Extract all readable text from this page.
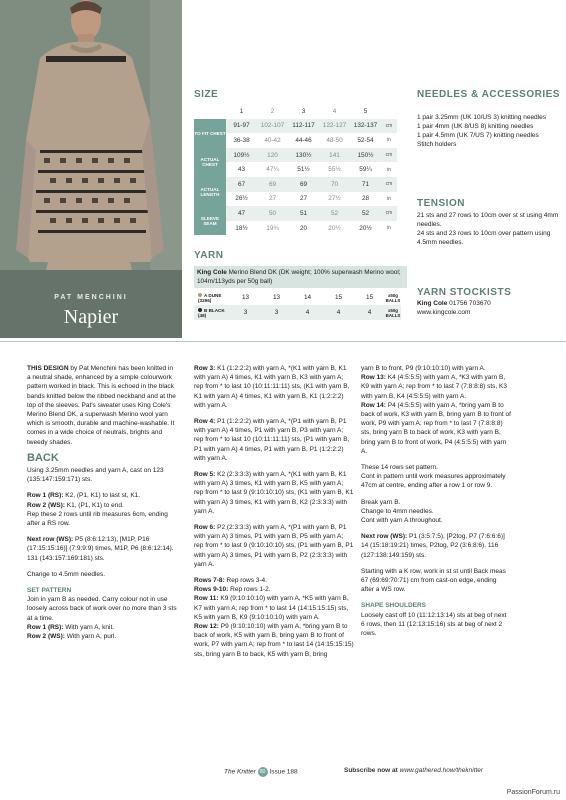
PAT MENCHINI
Napier
SIZE
	1	2	3	4	5	
TO FIT CHEST	91-97	102-107	112-117	122-127	132-137	cm
	36-38	40-42	44-46	48-50	52-54	in
ACTUAL CHEST	109½	120	130½	141	150½	cm
	43	47¼	51½	55½	59¼	in
ACTUAL LENGTH	67	69	69	70	71	cm
	26½	27	27	27½	28	in
SLEEVE SEAM	47	50	51	52	52	cm
	18½	19¾	20	20½	20½	in
YARN
King Cole Merino Blend DK (DK weight; 100% superwash Merino wool; 104m/113yds per 50g ball)
A DUNE (3296)	13	13	14	15	15	x50g BALLS
B BLACK (48)	3	3	4	4	4	x50g BALLS
NEEDLES & ACCESSORIES
1 pair 3.25mm (UK 10/US 3) knitting needles
1 pair 4mm (UK 8/US 8) knitting needles
1 pair 4.5mm (UK 7/US 7) knitting needles
Stitch holders
TENSION
21 sts and 27 rows to 10cm over st st using 4mm needles.
24 sts and 23 rows to 10cm over pattern using 4.5mm needles.
YARN STOCKISTS
King Cole 01756 703670
www.kingcole.com

THIS DESIGN by Pat Menchini has been knitted in a neutral shade, enhanced by a simple colourwork pattern worked in black. This is echoed in the black bands knitted below the ribbed neckband and at the top of the sleeves. Pat's sweater uses King Cole's Merino Blend DK, a superwash Merino wool yarn which is smooth, durable and machine-washable. It comes in a wide choice of neutrals, brights and tweedy shades.

BACK

Using 3.25mm needles and yarn A, cast on 123 (135:147:159:171) sts.

Row 1 (RS): K2, (P1, K1) to last st, K1.
Row 2 (WS): K1, (P1, K1) to end.
Rep these 2 rows until rib measures 6cm, ending after a RS row.

Next row (WS): P5 (8:6:12:13), [M1P, P16 (17:15:15:16)] (7:9:9:9) times, M1P, P6 (8:6:12:14). 131 (143:157:169:181) sts.

Change to 4.5mm needles.

SET PATTERN

Join in yarn B as needed. Carry colour not in use loosely across back of work over no more than 3 sts at a time.
Row 1 (RS): With yarn A, knit.
Row 2 (WS): With yarn A, purl.

Row 3: K1 (1:2:2:2) with yarn A, *(K1 with yarn B, K1 with yarn A) 4 times, K1 with yarn B, K3 with yarn A; rep from * to last 10 (10:11:11:11) sts, (K1 with yarn B, K1 with yarn A) 4 times, K1 with yarn B, K1 (1:2:2:2) with yarn A.

Row 4: P1 (1:2:2:2) with yarn A, *(P1 with yarn B, P1 with yarn A) 4 times, P1 with yarn B, P3 with yarn A; rep from * to last 10 (10:11:11:11) sts, (P1 with yarn B, P1 with yarn A) 4 times, P1 with yarn B, P1 (1:2:2:2) with yarn A.

Row 5: K2 (2:3:3:3) with yarn A, *(K1 with yarn B, K1 with yarn A) 3 times, K1 with yarn B, K5 with yarn A; rep from * to last 9 (9:10:10:10) sts, (K1 with yarn B, K1 with yarn A) 3 times, K1 with yarn B, K2 (2:3:3:3) with yarn A.

Row 6: P2 (2:3:3:3) with yarn A, *(P1 with yarn B, P1 with yarn A) 3 times, P1 with yarn B, P5 with yarn A; rep from * to last 9 (9:10:10:10) sts, (P1 with yarn B, P1 with yarn A) 3 times, P1 with yarn B, P2 (2:3:3:3) with yarn A.

Rows 7-8: Rep rows 3-4.
Rows 9-10: Rep rows 1-2.
Row 11: K9 (9:10:10:10) with yarn A, *K5 with yarn B, K7 with yarn A; rep from * to last 14 (14:15:15:15) sts, K5 with yarn B, K9 (9:10:10:10) with yarn A.
Row 12: P9 (9:10:10:10) with yarn A, *bring yarn B to back of work, K5 with yarn B, bring yarn B to front of work, P7 with yarn A; rep from * to last 14 (14:15:15:15) sts, bring yarn B to back, K5 with yarn B, bring

yarn B to front, P9 (9:10:10:10) with yarn A.
Row 13: K4 (4:5:5:5) with yarn A, *K3 with yarn B, K9 with yarn A; rep from * to last 7 (7:8:8:8) sts, K3 with yarn B, K4 (4:5:5:5) with yarn A.
Row 14: P4 (4:5:5:5) with yarn A, *bring yarn B to back of work, K3 with yarn B, bring yarn B to front of work, P9 with yarn A; rep from * to last 7 (7:8:8:8) sts, bring yarn B to back of work, K3 with yarn B, bring yarn B to front of work, P4 (4:5:5:5) with yarn A.

These 14 rows set pattern.
Cont in pattern until work measures approximately 47cm at centre, ending after a row 1 or row 9.

Break yarn B.
Change to 4mm needles.
Cont with yarn A throughout.

Next row (WS): P1 (3:5:7:5), [P2tog, P7 (7:6:6:6)] 14 (15:18:19:21) times, P2tog, P2 (3:6:8:6). 116 (127:138:149:159) sts.

Starting with a K row, work in st st until Back meas 67 (69:69:70:71) cm from cast-on edge, ending after a WS row.

SHAPE SHOULDERS

Loosely cast off 10 (11:12:13:14) sts at beg of next 6 rows, then 11 (12:13:15:16) sts at beg of next 2 rows.

The Knitter 80 Issue 188	Subscribe now at www.gathered.how/theknitter
PassionForum.ru
